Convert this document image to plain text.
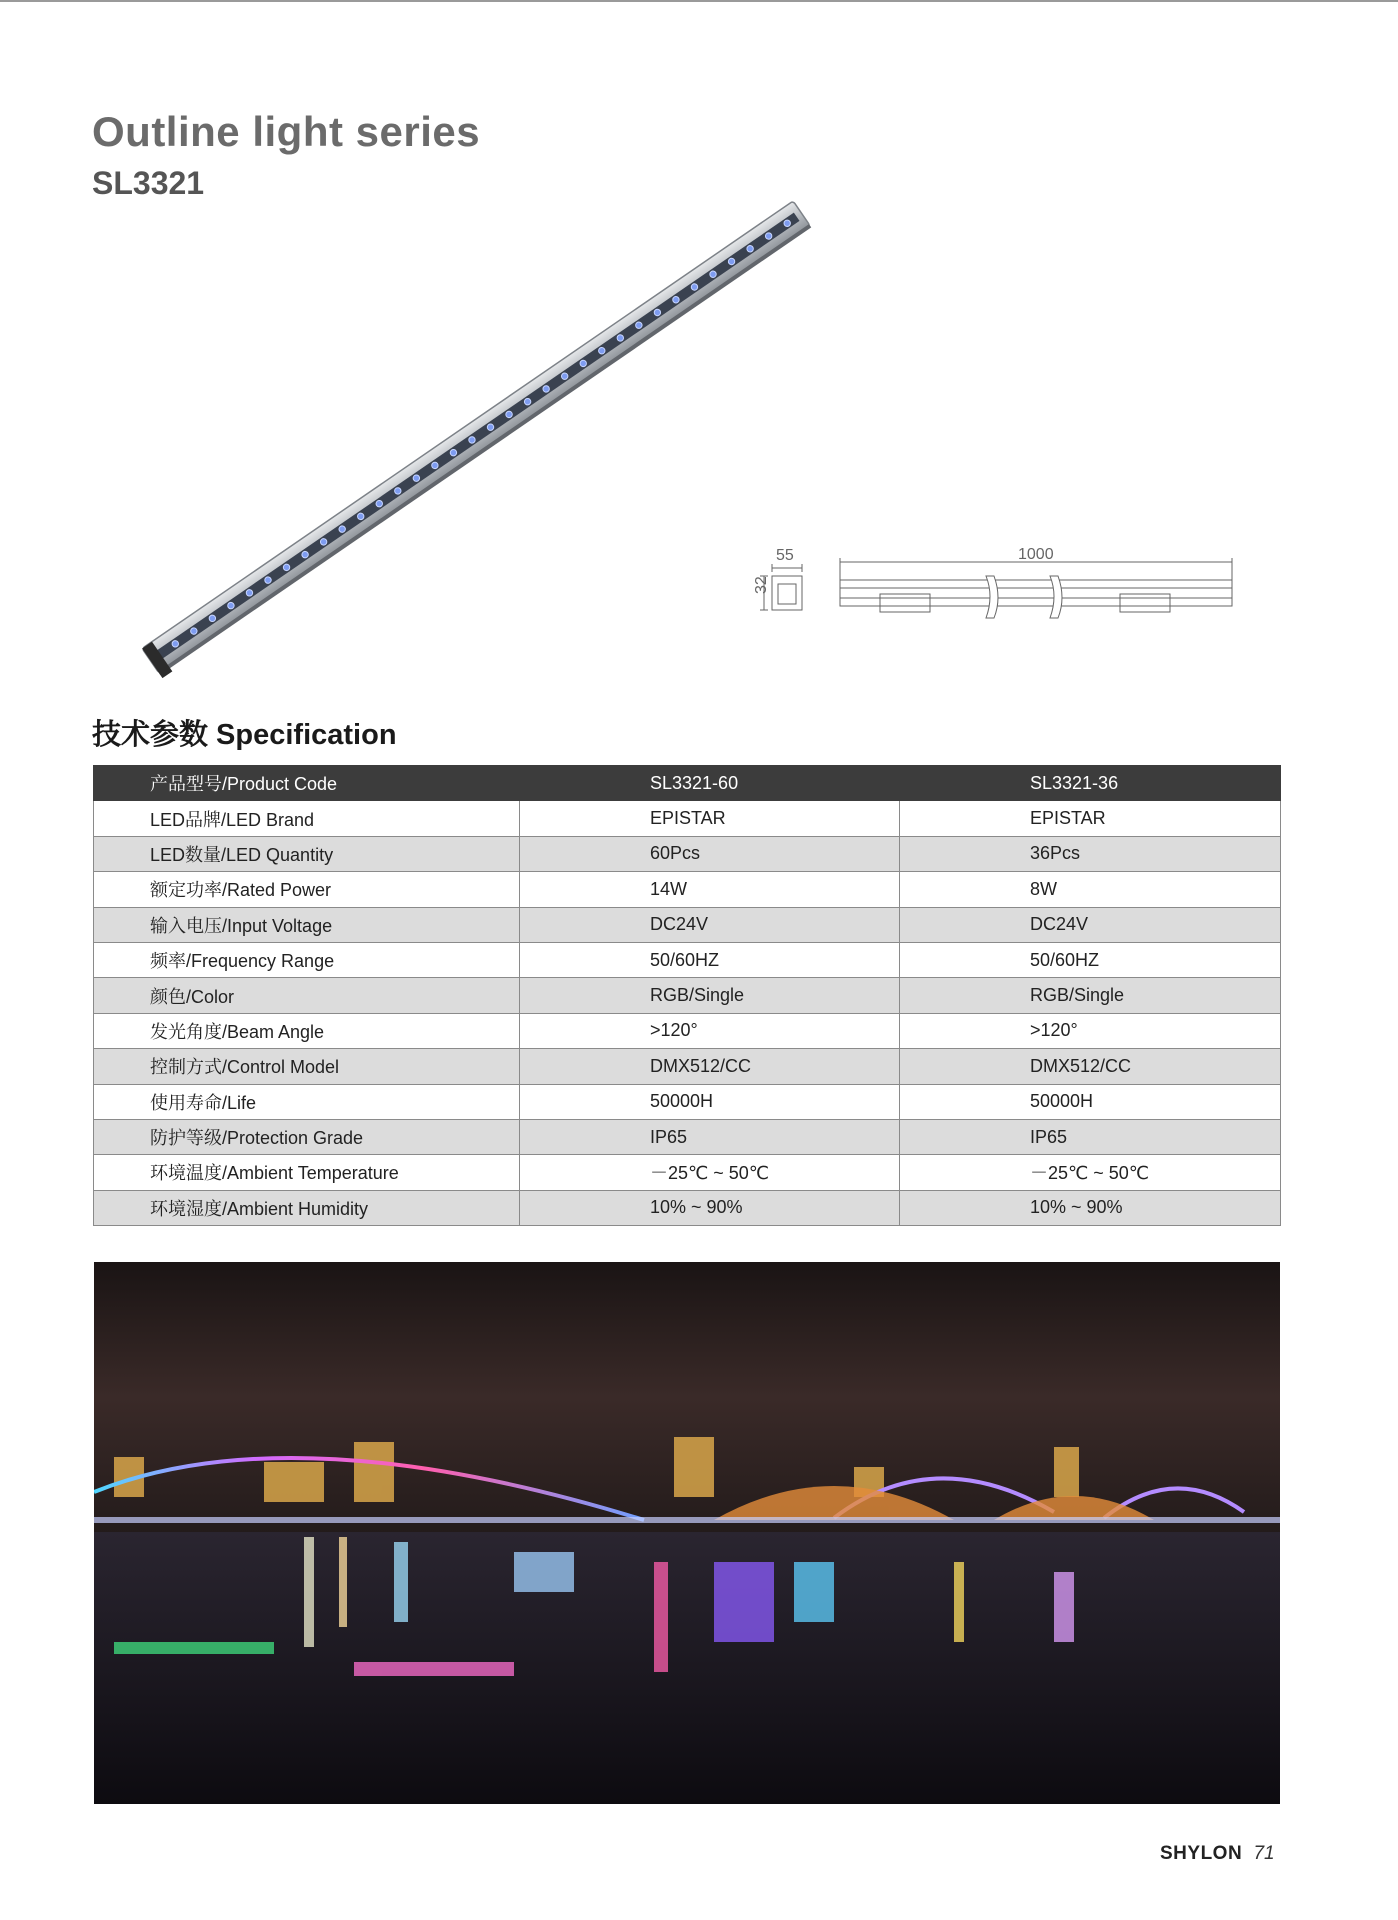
Outline light series
SL3321
55	1000
32
技术参数 Specification
产品型号/Product Code	SL3321-60	SL3321-36
LED品牌/LED Brand	EPISTAR	EPISTAR
LED数量/LED Quantity	60Pcs	36Pcs
额定功率/Rated Power	14W	8W
输入电压/Input Voltage	DC24V	DC24V
频率/Frequency Range	50/60HZ	50/60HZ
颜色/Color	RGB/Single	RGB/Single
发光角度/Beam Angle	>120°	>120°
控制方式/Control Model	DMX512/CC	DMX512/CC
使用寿命/Life	50000H	50000H
防护等级/Protection Grade	IP65	IP65
环境温度/Ambient Temperature	－25℃ ~ 50℃	－25℃ ~ 50℃
环境湿度/Ambient Humidity	10% ~ 90%	10% ~ 90%
SHYLON 71
